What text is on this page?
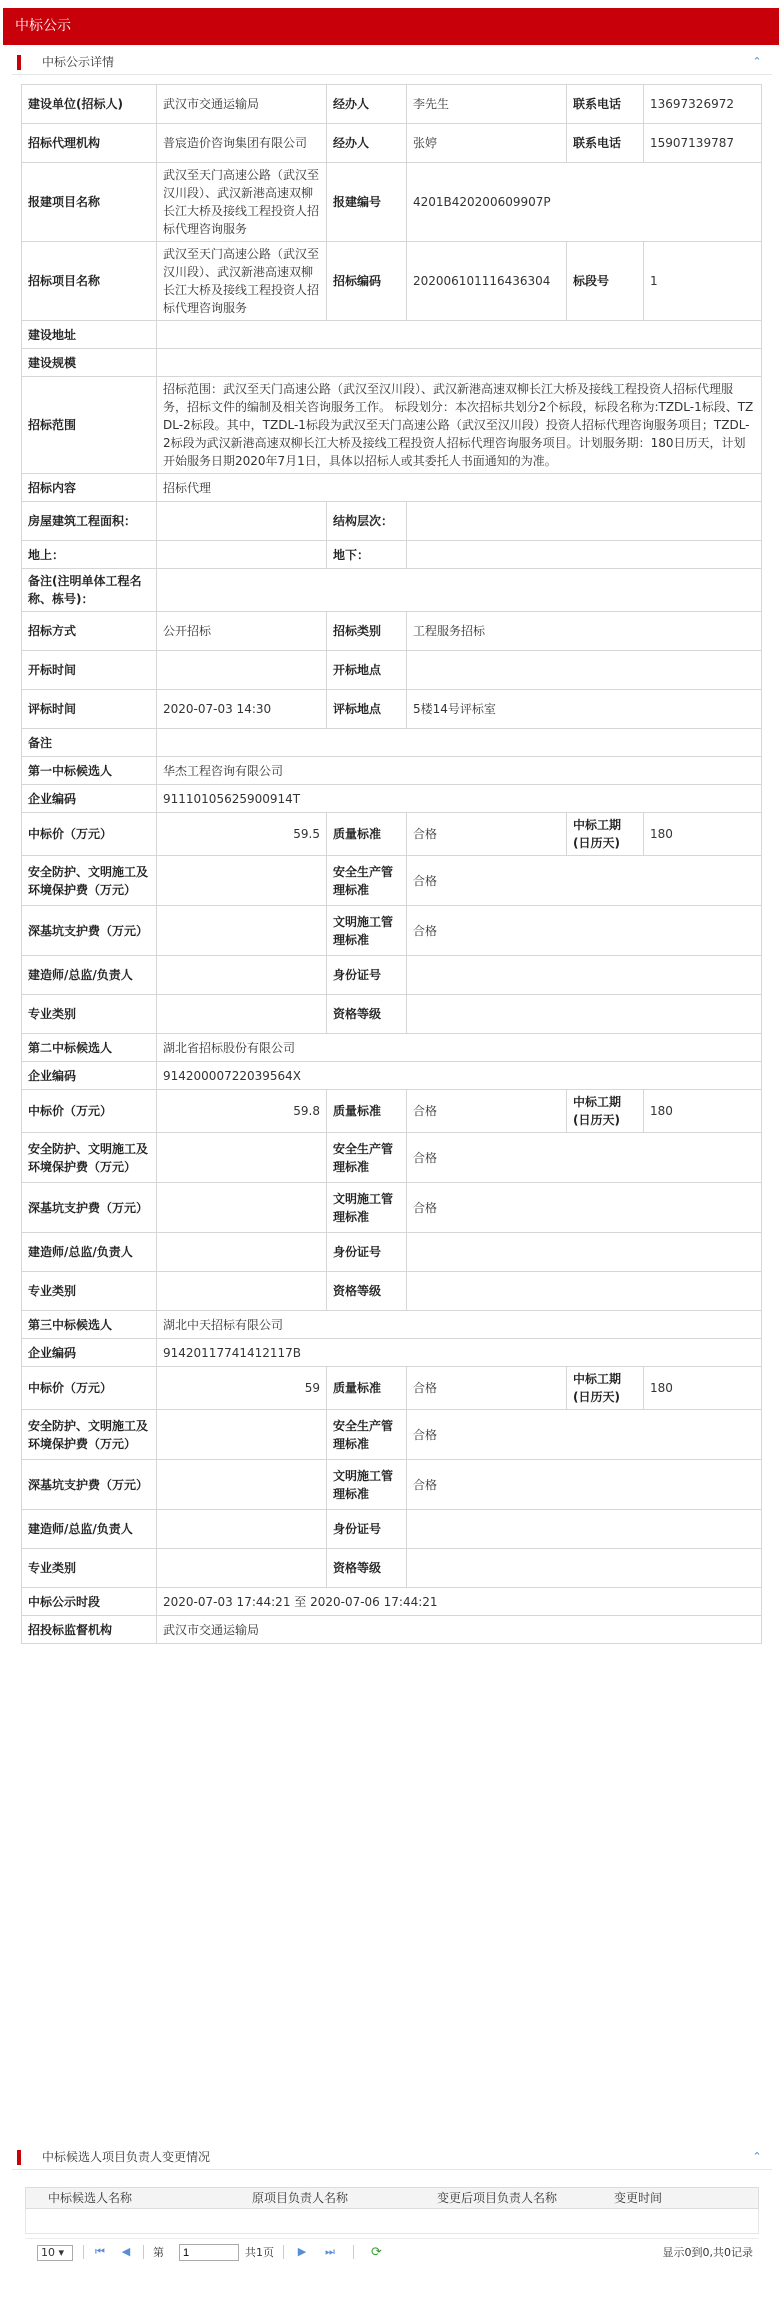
中标公示
中标公示详情	⌃
建设单位(招标人)	武汉市交通运输局	经办人	李先生	联系电话	13697326972
招标代理机构	普宸造价咨询集团有限公司	经办人	张婷	联系电话	15907139787
报建项目名称	武汉至天门高速公路（武汉至汉川段）、武汉新港高速双柳长江大桥及接线工程投资人招标代理咨询服务	报建编号	4201B420200609907P		
招标项目名称	武汉至天门高速公路（武汉至汉川段）、武汉新港高速双柳长江大桥及接线工程投资人招标代理咨询服务	招标编码	202006101116436304	标段号	1
建设地址					
建设规模					
招标范围	招标范围：武汉至天门高速公路（武汉至汉川段）、武汉新港高速双柳长江大桥及接线工程投资人招标代理服务，招标文件的编制及相关咨询服务工作。 标段划分：本次招标共划分2个标段，标段名称为:TZDL-1标段、TZDL-2标段。其中，TZDL-1标段为武汉至天门高速公路（武汉至汉川段）投资人招标代理咨询服务项目；TZDL-2标段为武汉新港高速双柳长江大桥及接线工程投资人招标代理咨询服务项目。计划服务期：180日历天，计划开始服务日期2020年7月1日，具体以招标人或其委托人书面通知的为准。				
招标内容	招标代理				
房屋建筑工程面积：		结构层次：			
地上：		地下：			
备注(注明单体工程名称、栋号)：					
招标方式	公开招标	招标类别	工程服务招标		
开标时间		开标地点			
评标时间	2020-07-03 14:30	评标地点	5楼14号评标室		
备注					
第一中标候选人	华杰工程咨询有限公司				
企业编码	91110105625900914T				
中标价（万元）	59.5	质量标准	合格	中标工期(日历天)	180
安全防护、文明施工及环境保护费（万元）		安全生产管理标准	合格		
深基坑支护费（万元）		文明施工管理标准	合格		
建造师/总监/负责人		身份证号			
专业类别		资格等级			
第二中标候选人	湖北省招标股份有限公司				
企业编码	91420000722039564X				
中标价（万元）	59.8	质量标准	合格	中标工期(日历天)	180
安全防护、文明施工及环境保护费（万元）		安全生产管理标准	合格		
深基坑支护费（万元）		文明施工管理标准	合格		
建造师/总监/负责人		身份证号			
专业类别		资格等级			
第三中标候选人	湖北中天招标有限公司				
企业编码	91420117741412117B				
中标价（万元）	59	质量标准	合格	中标工期(日历天)	180
安全防护、文明施工及环境保护费（万元）		安全生产管理标准	合格		
深基坑支护费（万元）		文明施工管理标准	合格		
建造师/总监/负责人		身份证号			
专业类别		资格等级			
中标公示时段	2020-07-03 17:44:21 至 2020-07-06 17:44:21				
招投标监督机构	武汉市交通运输局				
中标候选人项目负责人变更情况	⌃
中标候选人名称	原项目负责人名称	变更后项目负责人名称	变更时间
10 ▾	⏮ ◀ 第
1	共1页 ▶ ⏭	⟳	显示0到0,共0记录
